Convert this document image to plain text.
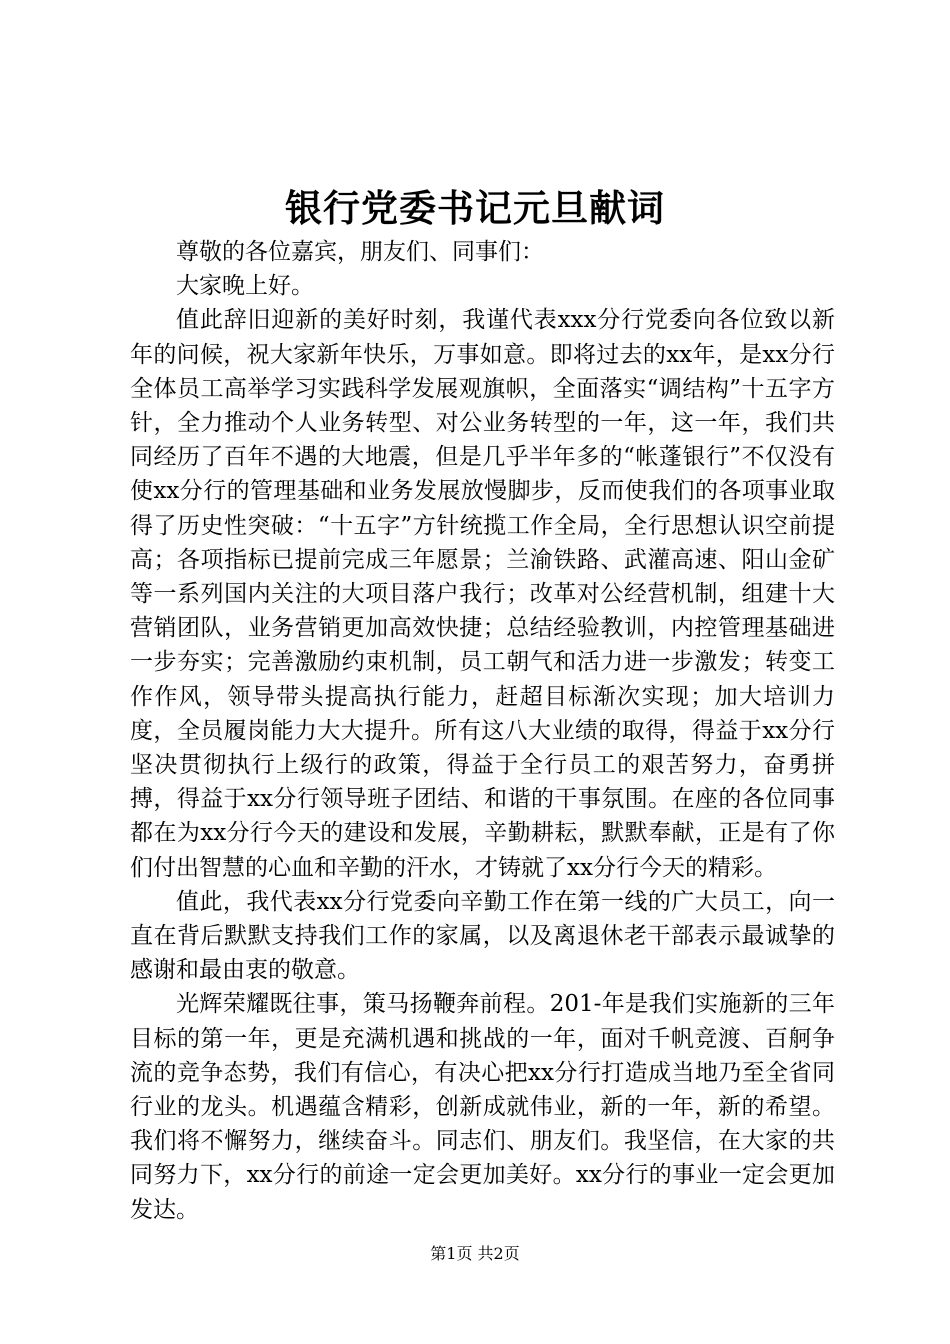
银行党委书记元旦献词

尊敬的各位嘉宾，朋友们、同事们：

大家晚上好。

值此辞旧迎新的美好时刻，我谨代表xxx分行党委向各位致以新年的问候，祝大家新年快乐，万事如意。即将过去的xx年，是xx分行全体员工高举学习实践科学发展观旗帜，全面落实“调结构”十五字方针，全力推动个人业务转型、对公业务转型的一年，这一年，我们共同经历了百年不遇的大地震，但是几乎半年多的“帐蓬银行”不仅没有使xx分行的管理基础和业务发展放慢脚步，反而使我们的各项事业取得了历史性突破：“十五字”方针统揽工作全局，全行思想认识空前提高；各项指标已提前完成三年愿景；兰渝铁路、武灌高速、阳山金矿等一系列国内关注的大项目落户我行；改革对公经营机制，组建十大营销团队，业务营销更加高效快捷；总结经验教训，内控管理基础进一步夯实；完善激励约束机制，员工朝气和活力进一步激发；转变工作作风，领导带头提高执行能力，赶超目标渐次实现；加大培训力度，全员履岗能力大大提升。所有这八大业绩的取得，得益于xx分行坚决贯彻执行上级行的政策，得益于全行员工的艰苦努力，奋勇拼搏，得益于xx分行领导班子团结、和谐的干事氛围。在座的各位同事都在为xx分行今天的建设和发展，辛勤耕耘，默默奉献，正是有了你们付出智慧的心血和辛勤的汗水，才铸就了xx分行今天的精彩。

值此，我代表xx分行党委向辛勤工作在第一线的广大员工，向一直在背后默默支持我们工作的家属，以及离退休老干部表示最诚挚的感谢和最由衷的敬意。

光辉荣耀既往事，策马扬鞭奔前程。201-年是我们实施新的三年目标的第一年，更是充满机遇和挑战的一年，面对千帆竞渡、百舸争流的竞争态势，我们有信心，有决心把xx分行打造成当地乃至全省同行业的龙头。机遇蕴含精彩，创新成就伟业，新的一年，新的希望。我们将不懈努力，继续奋斗。同志们、朋友们。我坚信，在大家的共同努力下，xx分行的前途一定会更加美好。xx分行的事业一定会更加发达。

第1页 共2页
